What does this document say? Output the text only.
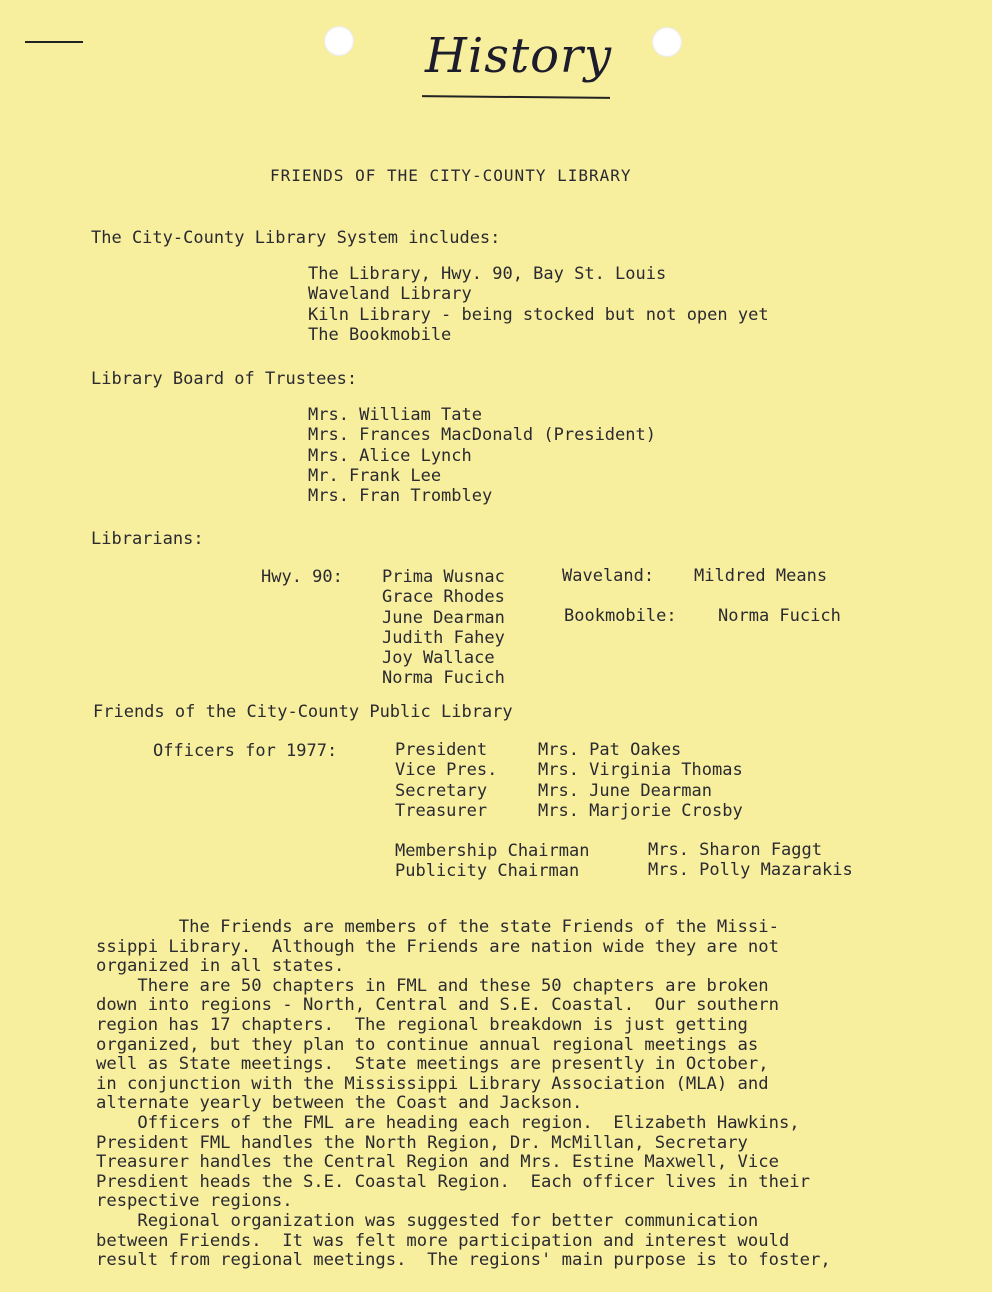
History
FRIENDS OF THE CITY-COUNTY LIBRARY
The City-County Library System includes:
The Library, Hwy. 90, Bay St. Louis
Waveland Library
Kiln Library - being stocked but not open yet
The Bookmobile
Library Board of Trustees:
Mrs. William Tate
Mrs. Frances MacDonald (President)
Mrs. Alice Lynch
Mr. Frank Lee
Mrs. Fran Trombley
Librarians:
Hwy. 90: Prima Wusnac
Grace Rhodes
June Dearman
Judith Fahey
Joy Wallace
Norma Fucich
Waveland: Mildred Means
Bookmobile: Norma Fucich
Friends of the City-County Public Library
Officers for 1977:	President
Vice Pres.
Secretary
Treasurer
Mrs. Pat Oakes
Mrs. Virginia Thomas
Mrs. June Dearman
Mrs. Marjorie Crosby
Membership Chairman
Publicity Chairman
Mrs. Sharon Faggt
Mrs. Polly Mazarakis
The Friends are members of the state Friends of the Missi-
ssippi Library.  Although the Friends are nation wide they are not
organized in all states.
There are 50 chapters in FML and these 50 chapters are broken
down into regions - North, Central and S.E. Coastal.  Our southern
region has 17 chapters.  The regional breakdown is just getting
organized, but they plan to continue annual regional meetings as
well as State meetings.  State meetings are presently in October,
in conjunction with the Mississippi Library Association (MLA) and
alternate yearly between the Coast and Jackson.
Officers of the FML are heading each region.  Elizabeth Hawkins,
President FML handles the North Region, Dr. McMillan, Secretary
Treasurer handles the Central Region and Mrs. Estine Maxwell, Vice
Presdient heads the S.E. Coastal Region.  Each officer lives in their
respective regions.
Regional organization was suggested for better communication
between Friends.  It was felt more participation and interest would
result from regional meetings.  The regions' main purpose is to foster,
